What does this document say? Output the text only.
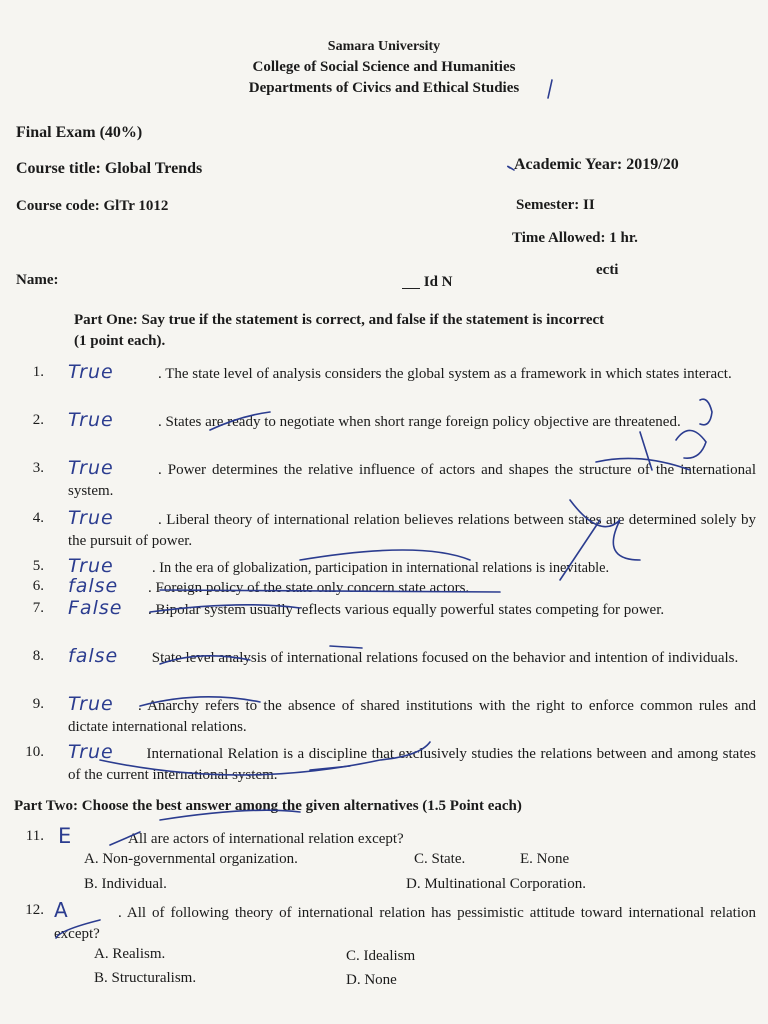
Samara University
College of Social Science and Humanities
Departments of Civics and Ethical Studies
Final Exam (40%)
Course title: Global Trends	Academic Year: 2019/20
Course code: GlTr 1012	Semester: II
Time Allowed: 1 hr.
Name:	Id N
ecti
Part One: Say true if the statement is correct, and false if the statement is incorrect
(1 point each).
1. True	. The state level of analysis considers the global system as a framework in which states interact.
2. True	. States are ready to negotiate when short range foreign policy objective are threatened.
3. True	. Power determines the relative influence of actors and shapes the structure of the international system.
4. True	. Liberal theory of international relation believes relations between states are determined solely by the pursuit of power.
5. True	. In the era of globalization, participation in international relations is inevitable.
6. false . Foreign policy of the state only concern state actors.
7. False . Bipolar system usually reflects various equally powerful states competing for power.
8. false State level analysis of international relations focused on the behavior and intention of individuals.
9. True . Anarchy refers to the absence of shared institutions with the right to enforce common rules and dictate international relations.
10. True International Relation is a discipline that exclusively studies the relations between and among states of the current international system.
Part Two: Choose the best answer among the given alternatives (1.5 Point each)
11. E	All are actors of international relation except?
A. Non-governmental organization.	C. State.	E. None
B. Individual.	D. Multinational Corporation.
12. A	. All of following theory of international relation has pessimistic attitude toward international relation except?
A. Realism.	C. Idealism
B. Structuralism.	D. None
